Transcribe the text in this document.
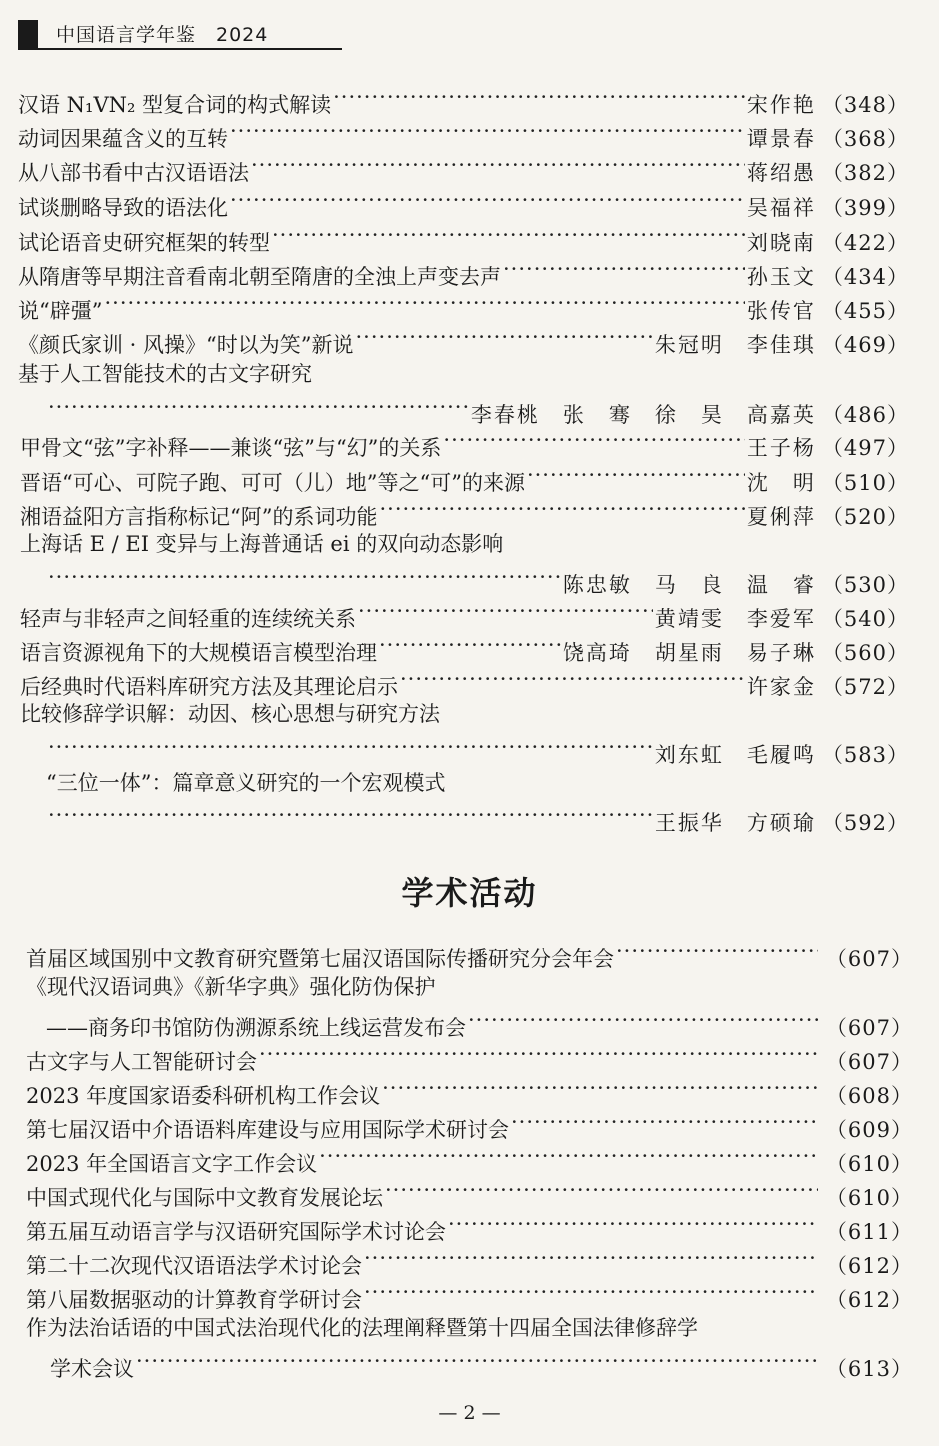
中国语言学年鉴　2024
汉语 N₁VN₂ 型复合词的构式解读 ·····	宋作艳 （348）
动词因果蕴含义的互转 ·····	谭景春 （368）
从八部书看中古汉语语法 ·····	蒋绍愚 （382）
试谈删略导致的语法化 ·····	吴福祥 （399）
试论语音史研究框架的转型 ·····	刘晓南 （422）
从隋唐等早期注音看南北朝至隋唐的全浊上声变去声 ·····	孙玉文 （434）
说“辟彊” ·····	张传官 （455）
《颜氏家训 · 风操》“时以为笑”新说 ·····	朱冠明　李佳琪 （469）
基于人工智能技术的古文字研究
·····
李春桃　张　骞　徐　昊　高嘉英 （486）
甲骨文“弦”字补释——兼谈“弦”与“幻”的关系 ·····	王子杨 （497）
晋语“可心、可院子跑、可可（儿）地”等之“可”的来源 ·····	沈　明 （510）
湘语益阳方言指称标记“阿”的系词功能 ·····	夏俐萍 （520）
上海话 E / EI 变异与上海普通话 ei 的双向动态影响
·····
陈忠敏　马　良　温　睿 （530）
轻声与非轻声之间轻重的连续统关系 ·····	黄靖雯　李爱军 （540）
语言资源视角下的大规模语言模型治理 ·····	饶高琦　胡星雨　易子琳 （560）
后经典时代语料库研究方法及其理论启示 ·····	许家金 （572）
比较修辞学识解：动因、核心思想与研究方法
·····
刘东虹　毛履鸣 （583）
“三位一体”：篇章意义研究的一个宏观模式
·····
王振华　方硕瑜 （592）
学术活动
首届区域国别中文教育研究暨第七届汉语国际传播研究分会年会 ·····	（607）
《现代汉语词典》《新华字典》强化防伪保护
——商务印书馆防伪溯源系统上线运营发布会 ·····	（607）
古文字与人工智能研讨会 ·····	（607）
2023 年度国家语委科研机构工作会议 ·····	（608）
第七届汉语中介语语料库建设与应用国际学术研讨会 ·····	（609）
2023 年全国语言文字工作会议 ·····	（610）
中国式现代化与国际中文教育发展论坛 ·····	（610）
第五届互动语言学与汉语研究国际学术讨论会 ·····	（611）
第二十二次现代汉语语法学术讨论会 ·····	（612）
第八届数据驱动的计算教育学研讨会 ·····	（612）
作为法治话语的中国式法治现代化的法理阐释暨第十四届全国法律修辞学
学术会议 ·····	（613）
— 2 —
